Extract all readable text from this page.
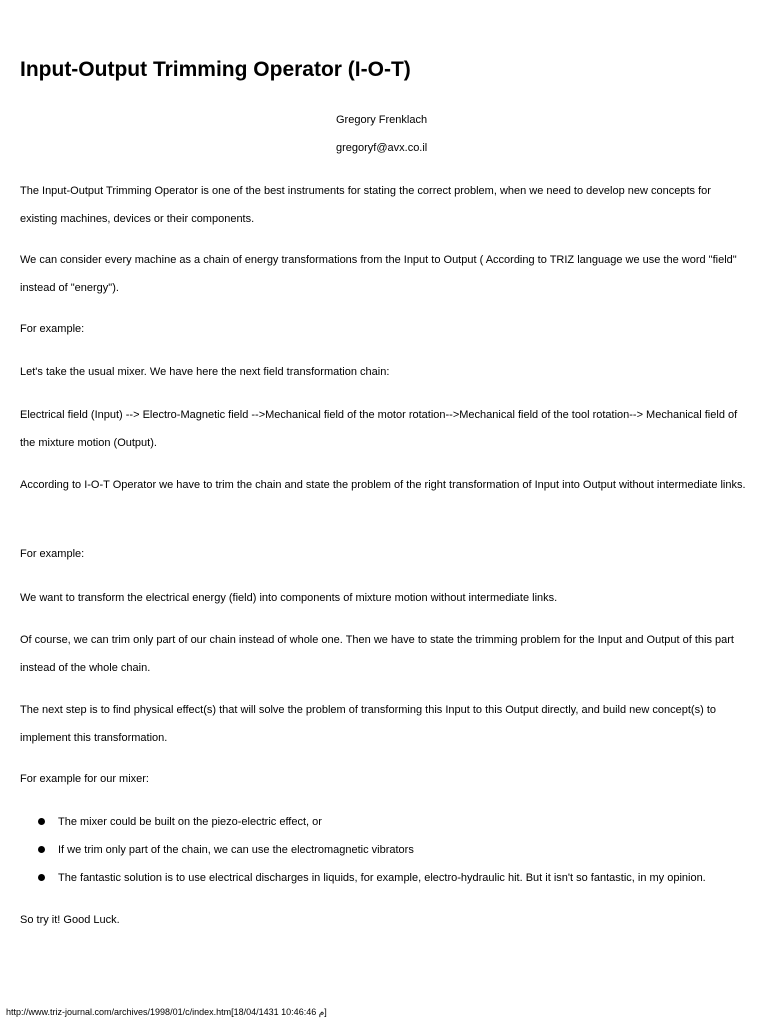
Input-Output Trimming Operator (I-O-T)
Gregory Frenklach
gregoryf@avx.co.il

The Input-Output Trimming Operator is one of the best instruments for stating the correct problem, when we need to develop new concepts for existing machines, devices or their components.

We can consider every machine as a chain of energy transformations from the Input to Output ( According to TRIZ language we use the word "field" instead of "energy").

For example:

Let's take the usual mixer. We have here the next field transformation chain:

Electrical field (Input) --> Electro-Magnetic field -->Mechanical field of the motor rotation-->Mechanical field of the tool rotation--> Mechanical field of the mixture motion (Output).

According to I-O-T Operator we have to trim the chain and state the problem of the right transformation of Input into Output without intermediate links.

For example:

We want to transform the electrical energy (field) into components of mixture motion without intermediate links.

Of course, we can trim only part of our chain instead of whole one. Then we have to state the trimming problem for the Input and Output of this part instead of the whole chain.

The next step is to find physical effect(s) that will solve the problem of transforming this Input to this Output directly, and build new concept(s) to implement this transformation.

For example for our mixer:

The mixer could be built on the piezo-electric effect, or
If we trim only part of the chain, we can use the electromagnetic vibrators
The fantastic solution is to use electrical discharges in liquids, for example, electro-hydraulic hit. But it isn't so fantastic, in my opinion.

So try it! Good Luck.

http://www.triz-journal.com/archives/1998/01/c/index.htm[م 10:46:46 18/04/1431]
